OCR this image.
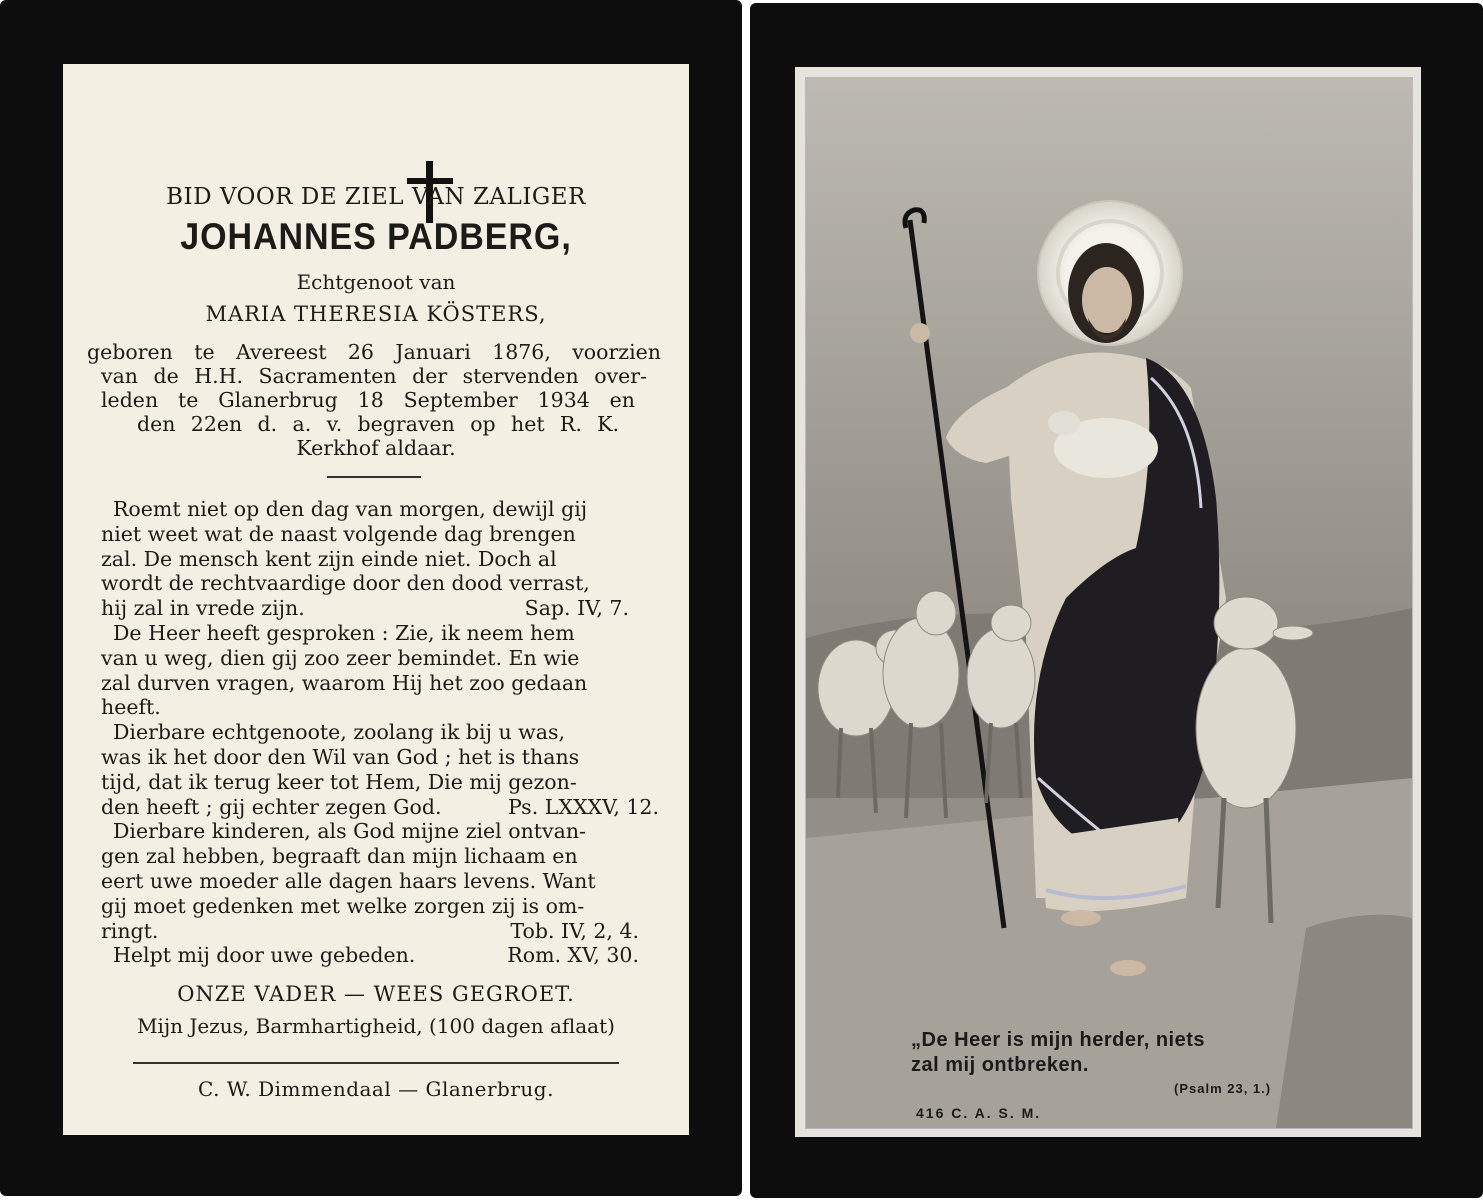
BID VOOR DE ZIEL VAN ZALIGER
JOHANNES PADBERG,
Echtgenoot van
MARIA THERESIA KÖSTERS,
geboren te Avereest 26 Januari 1876, voorzien
van de H.H. Sacramenten der stervenden over-
leden te Glanerbrug 18 September 1934 en
den 22en d. a. v. begraven op het R. K.
Kerkhof aldaar.
Roemt niet op den dag van morgen, dewijl gij
niet weet wat de naast volgende dag brengen
zal. De mensch kent zijn einde niet. Doch al
wordt de rechtvaardige door den dood verrast,
hij zal in vrede zijn.	Sap. IV, 7.
De Heer heeft gesproken : Zie, ik neem hem
van u weg, dien gij zoo zeer bemindet. En wie
zal durven vragen, waarom Hij het zoo gedaan
heeft.
Dierbare echtgenoote, zoolang ik bij u was,
was ik het door den Wil van God ; het is thans
tijd, dat ik terug keer tot Hem, Die mij gezon-
den heeft ; gij echter zegen God.	Ps. LXXXV, 12.
Dierbare kinderen, als God mijne ziel ontvan-
gen zal hebben, begraaft dan mijn lichaam en
eert uwe moeder alle dagen haars levens. Want
gij moet gedenken met welke zorgen zij is om-
ringt.	Tob. IV, 2, 4.
Helpt mij door uwe gebeden.	Rom. XV, 30.
ONZE VADER — WEES GEGROET.
Mijn Jezus, Barmhartigheid, (100 dagen aflaat)
C. W. Dimmendaal — Glanerbrug.
„De Heer is mijn herder, niets
zal mij ontbreken.
(Psalm 23, 1.)
416 C. A. S. M.
